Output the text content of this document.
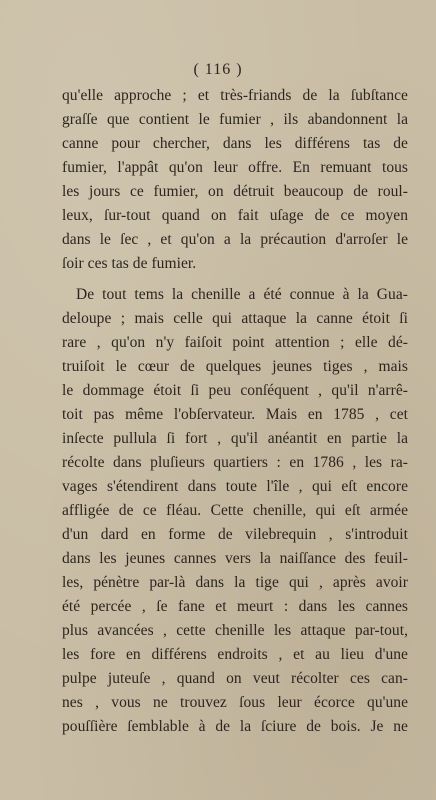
( 116 )
qu'elle approche ; et très-friands de la ſubſtance
graſſe que contient le fumier , ils abandonnent la
canne pour chercher, dans les différens tas de
fumier, l'appât qu'on leur offre. En remuant tous
les jours ce fumier, on détruit beaucoup de roul-
leux, ſur-tout quand on fait uſage de ce moyen
dans le ſec , et qu'on a la précaution d'arroſer le
ſoir ces tas de fumier.
De tout tems la chenille a été connue à la Gua-
deloupe ; mais celle qui attaque la canne étoit ſi
rare , qu'on n'y faiſoit point attention ; elle dé-
truiſoit le cœur de quelques jeunes tiges , mais
le dommage étoit ſi peu conſéquent , qu'il n'arrê-
toit pas même l'obſervateur. Mais en 1785 , cet
inſecte pullula ſi fort , qu'il anéantit en partie la
récolte dans pluſieurs quartiers : en 1786 , les ra-
vages s'étendirent dans toute l'île , qui eſt encore
affligée de ce fléau. Cette chenille, qui eſt armée
d'un dard en forme de vilebrequin , s'introduit
dans les jeunes cannes vers la naiſſance des feuil-
les, pénètre par-là dans la tige qui , après avoir
été percée , ſe fane et meurt : dans les cannes
plus avancées , cette chenille les attaque par-tout,
les fore en différens endroits , et au lieu d'une
pulpe juteuſe , quand on veut récolter ces can-
nes , vous ne trouvez ſous leur écorce qu'une
pouſſière ſemblable à de la ſciure de bois. Je ne
